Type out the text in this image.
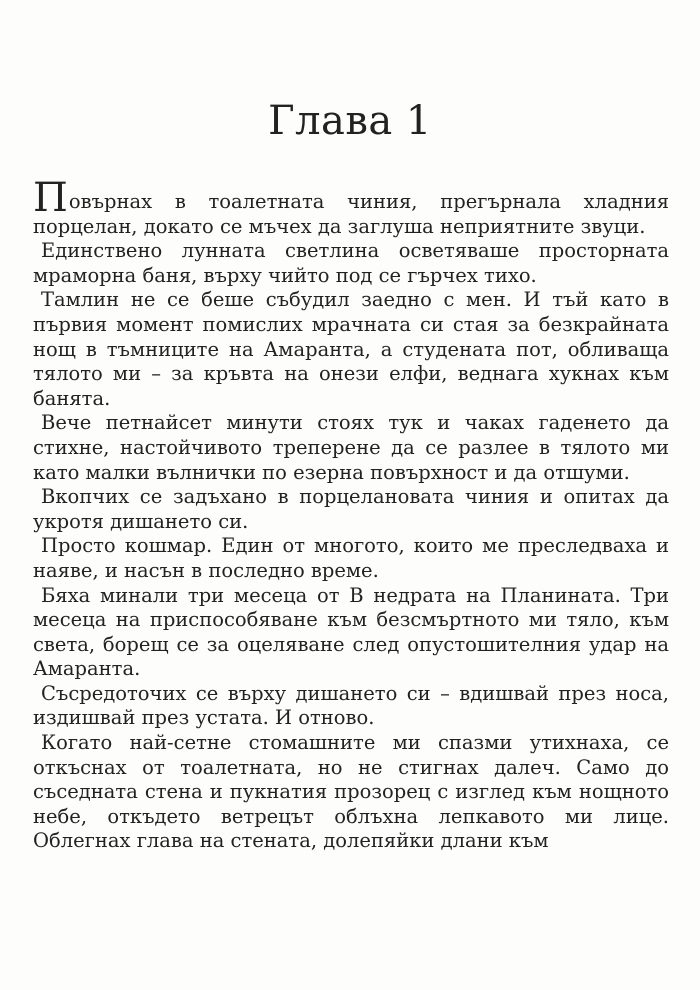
Глава 1

Повърнах в тоалетната чиния, прегърнала хладния порцелан, докато се мъчех да заглуша неприятните звуци.

Единствено лунната светлина осветяваше просторната мраморна баня, върху чийто под се гърчех тихо.

Тамлин не се беше събудил заедно с мен. И тъй като в първия момент помислих мрачната си стая за безкрайната нощ в тъмниците на Амаранта, а студената пот, обливаща тялото ми – за кръвта на онези елфи, веднага хукнах към банята.

Вече петнайсет минути стоях тук и чаках гаденето да стихне, настойчивото треперене да се разлее в тялото ми като малки вълнички по езерна повърхност и да отшуми.

Вкопчих се задъхано в порцелановата чиния и опитах да укротя дишането си.

Просто кошмар. Един от многото, които ме преследваха и наяве, и насън в последно време.

Бяха минали три месеца от В недрата на Планината. Три месеца на приспособяване към безсмъртното ми тяло, към света, борещ се за оцеляване след опустошителния удар на Амаранта.

Съсредоточих се върху дишането си – вдишвай през носа, издишвай през устата. И отново.

Когато най-сетне стомашните ми спазми утихнаха, се откъснах от тоалетната, но не стигнах далеч. Само до съседната стена и пукнатия прозорец с изглед към нощното небе, откъдето ветрецът облъхна лепкавото ми лице. Облегнах глава на стената, долепяйки длани към
